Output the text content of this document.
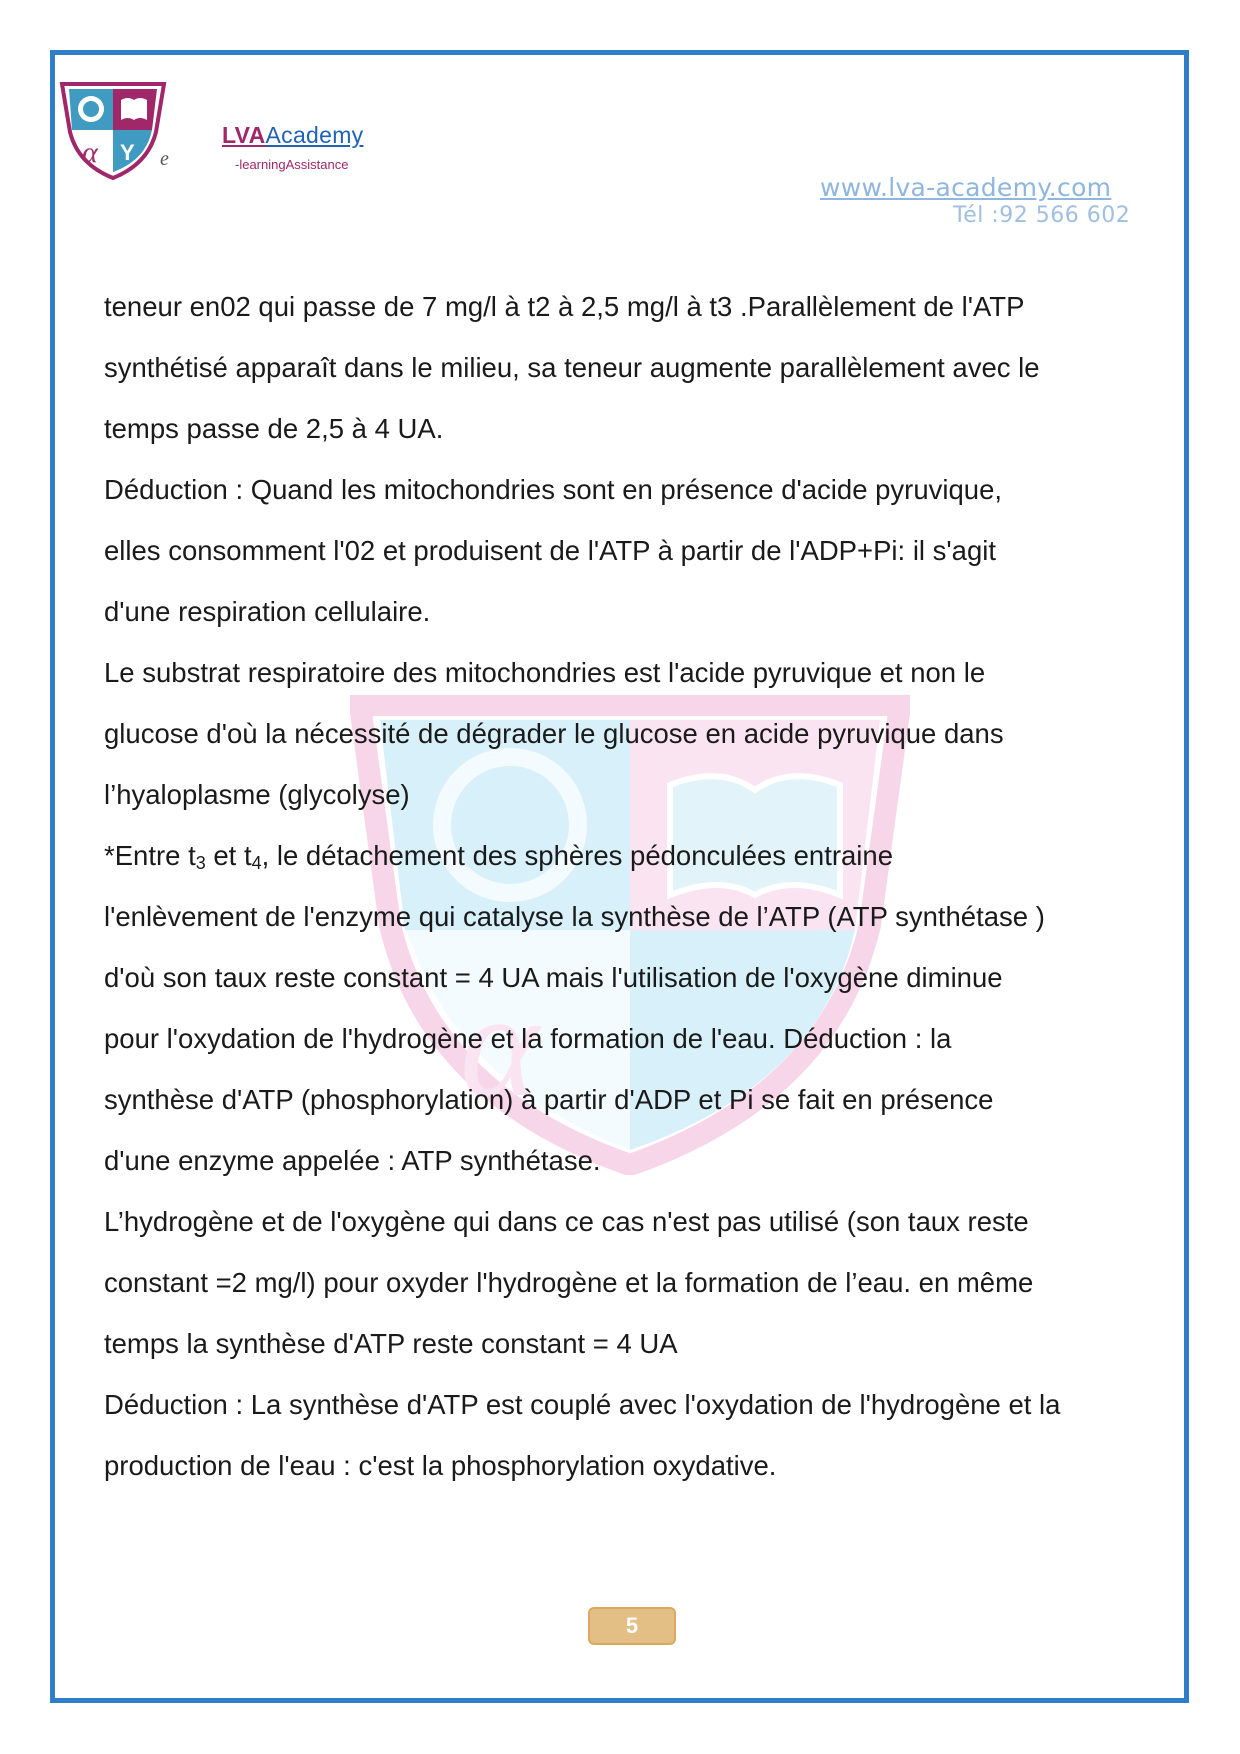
α Y e
LVAAcademy
-learningAssistance
www.lva-academy.com
Tél :92 566 602
α
teneur en02 qui passe de 7 mg/l à t2 à 2,5 mg/l à t3 .Parallèlement de l'ATP
synthétisé apparaît dans le milieu, sa teneur augmente parallèlement avec le
temps passe de 2,5 à 4 UA.
Déduction : Quand les mitochondries sont en présence d'acide pyruvique,
elles consomment l'02 et produisent de l'ATP à partir de l'ADP+Pi: il s'agit
d'une respiration cellulaire.
Le substrat respiratoire des mitochondries est l'acide pyruvique et non le
glucose d'où la nécessité de dégrader le glucose en acide pyruvique dans
l’hyaloplasme (glycolyse)
*Entre $t_3$ et $t_4$, le détachement des sphères pédonculées entraine
l'enlèvement de l'enzyme qui catalyse la synthèse de l’ATP (ATP synthétase )
d'où son taux reste constant = 4 UA mais l'utilisation de l'oxygène diminue
pour l'oxydation de l'hydrogène et la formation de l'eau. Déduction : la
synthèse d'ATP (phosphorylation) à partir d'ADP et Pi se fait en présence
d'une enzyme appelée : ATP synthétase.
L’hydrogène et de l'oxygène qui dans ce cas n'est pas utilisé (son taux reste
constant =2 mg/l) pour oxyder l'hydrogène et la formation de l’eau. en même
temps la synthèse d'ATP reste constant = 4 UA
Déduction : La synthèse d'ATP est couplé avec l'oxydation de l'hydrogène et la
production de l'eau : c'est la phosphorylation oxydative.
5
